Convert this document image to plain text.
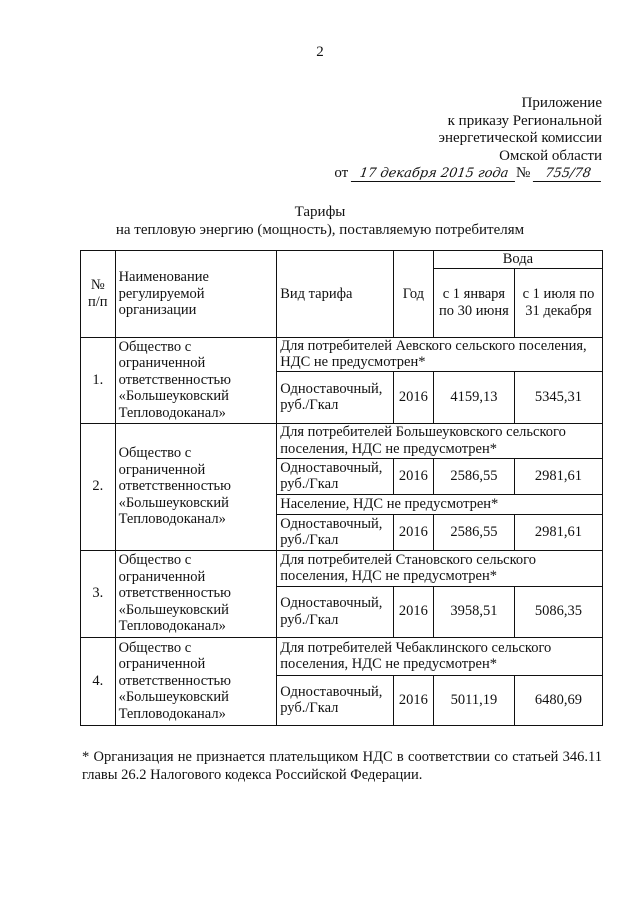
2
Приложение
к приказу Региональной
энергетической комиссии
Омской области
от 17 декабря 2015 года № 755/78
Тарифы
на тепловую энергию (мощность), поставляемую потребителям
№ п/п	Наименование регулируемой организации	Вид тарифа	Год	Вода	
				с 1 января по 30 июня	с 1 июля по 31 декабря
1.	Общество с ограниченной ответственностью «Большеуковский Тепловодоканал»	Для потребителей Аевского сельского поселения, НДС не предусмотрен*			
		Одноставочный, руб./Гкал	2016	4159,13	5345,31
2.	Общество с ограниченной ответственностью «Большеуковский Тепловодоканал»	Для потребителей Большеуковского сельского поселения, НДС не предусмотрен*			
		Одноставочный, руб./Гкал	2016	2586,55	2981,61
		Население, НДС не предусмотрен*			
		Одноставочный, руб./Гкал	2016	2586,55	2981,61
3.	Общество с ограниченной ответственностью «Большеуковский Тепловодоканал»	Для потребителей Становского сельского поселения, НДС не предусмотрен*			
		Одноставочный, руб./Гкал	2016	3958,51	5086,35
4.	Общество с ограниченной ответственностью «Большеуковский Тепловодоканал»	Для потребителей Чебаклинского сельского поселения, НДС не предусмотрен*			
		Одноставочный, руб./Гкал	2016	5011,19	6480,69
* Организация не признается плательщиком НДС в соответствии со статьей 346.11 главы 26.2 Налогового кодекса Российской Федерации.
